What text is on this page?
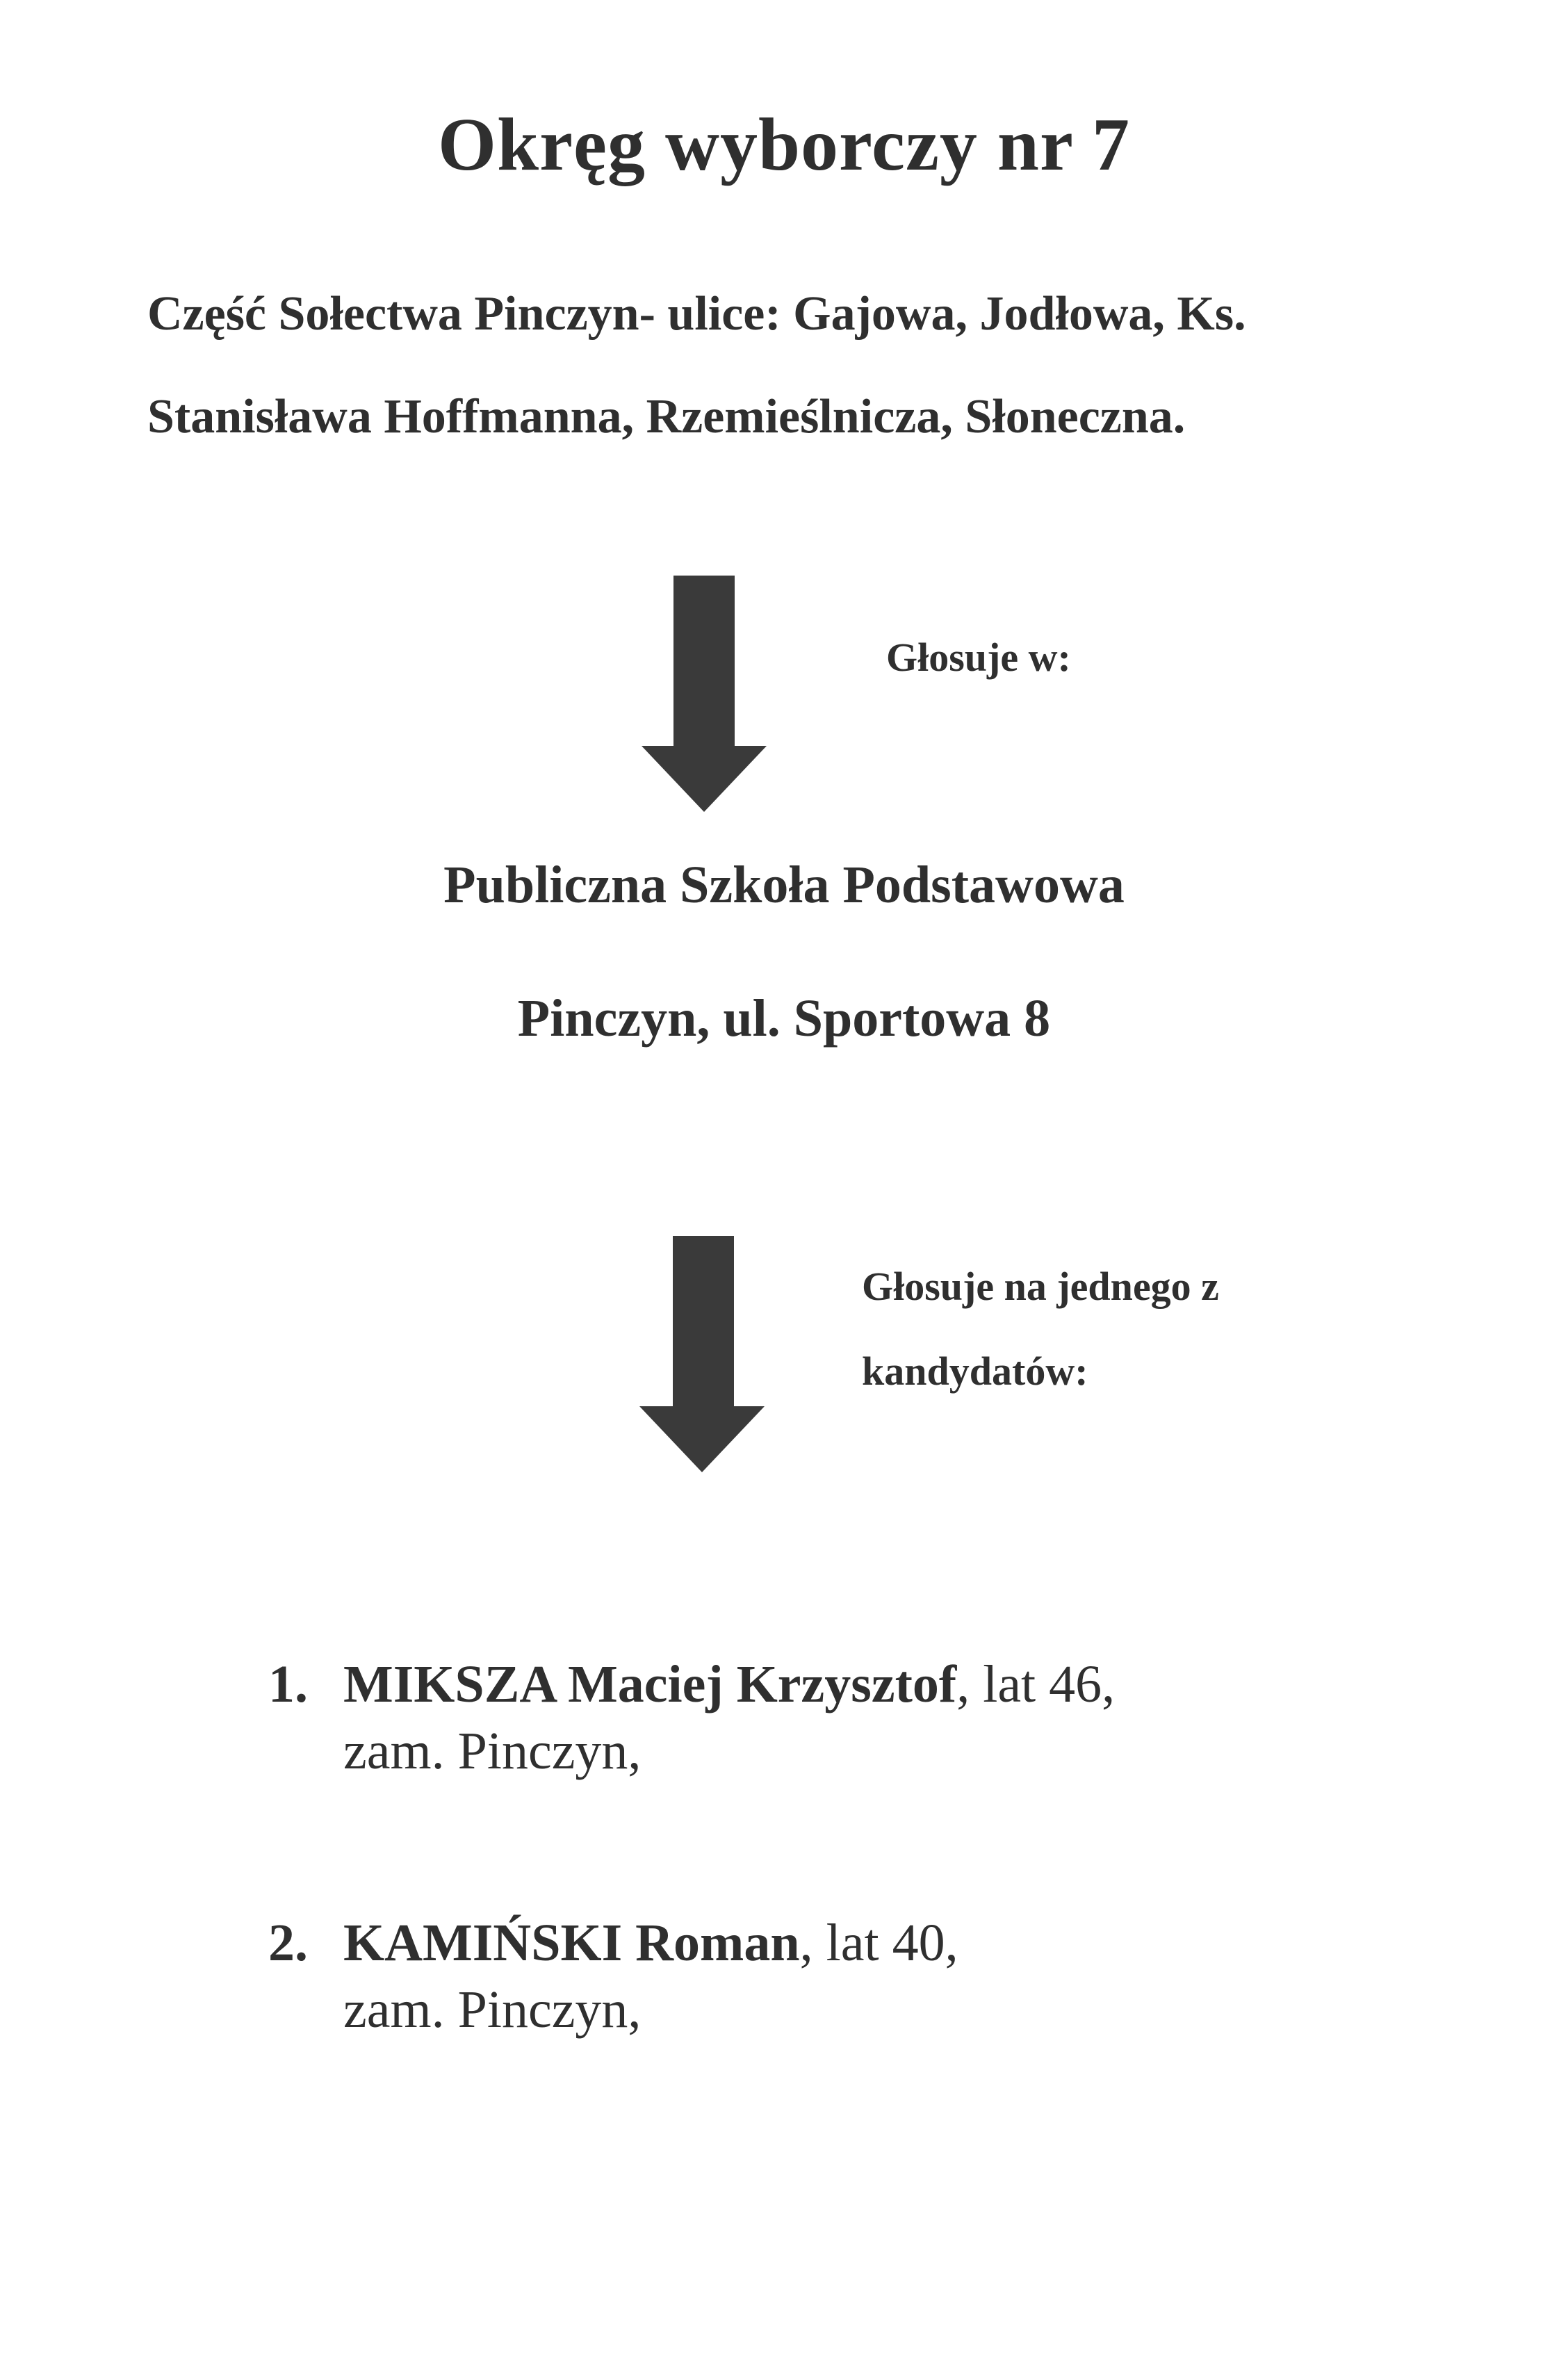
Okręg wyborczy nr 7
Część Sołectwa Pinczyn- ulice: Gajowa, Jodłowa, Ks.
Stanisława Hoffmanna, Rzemieślnicza, Słoneczna.
Głosuje w:
Publiczna Szkoła Podstawowa
Pinczyn, ul. Sportowa 8
Głosuje na jednego z
kandydatów:
1. MIKSZA Maciej Krzysztof, lat 46,
zam. Pinczyn,
2. KAMIŃSKI Roman, lat 40,
zam. Pinczyn,
